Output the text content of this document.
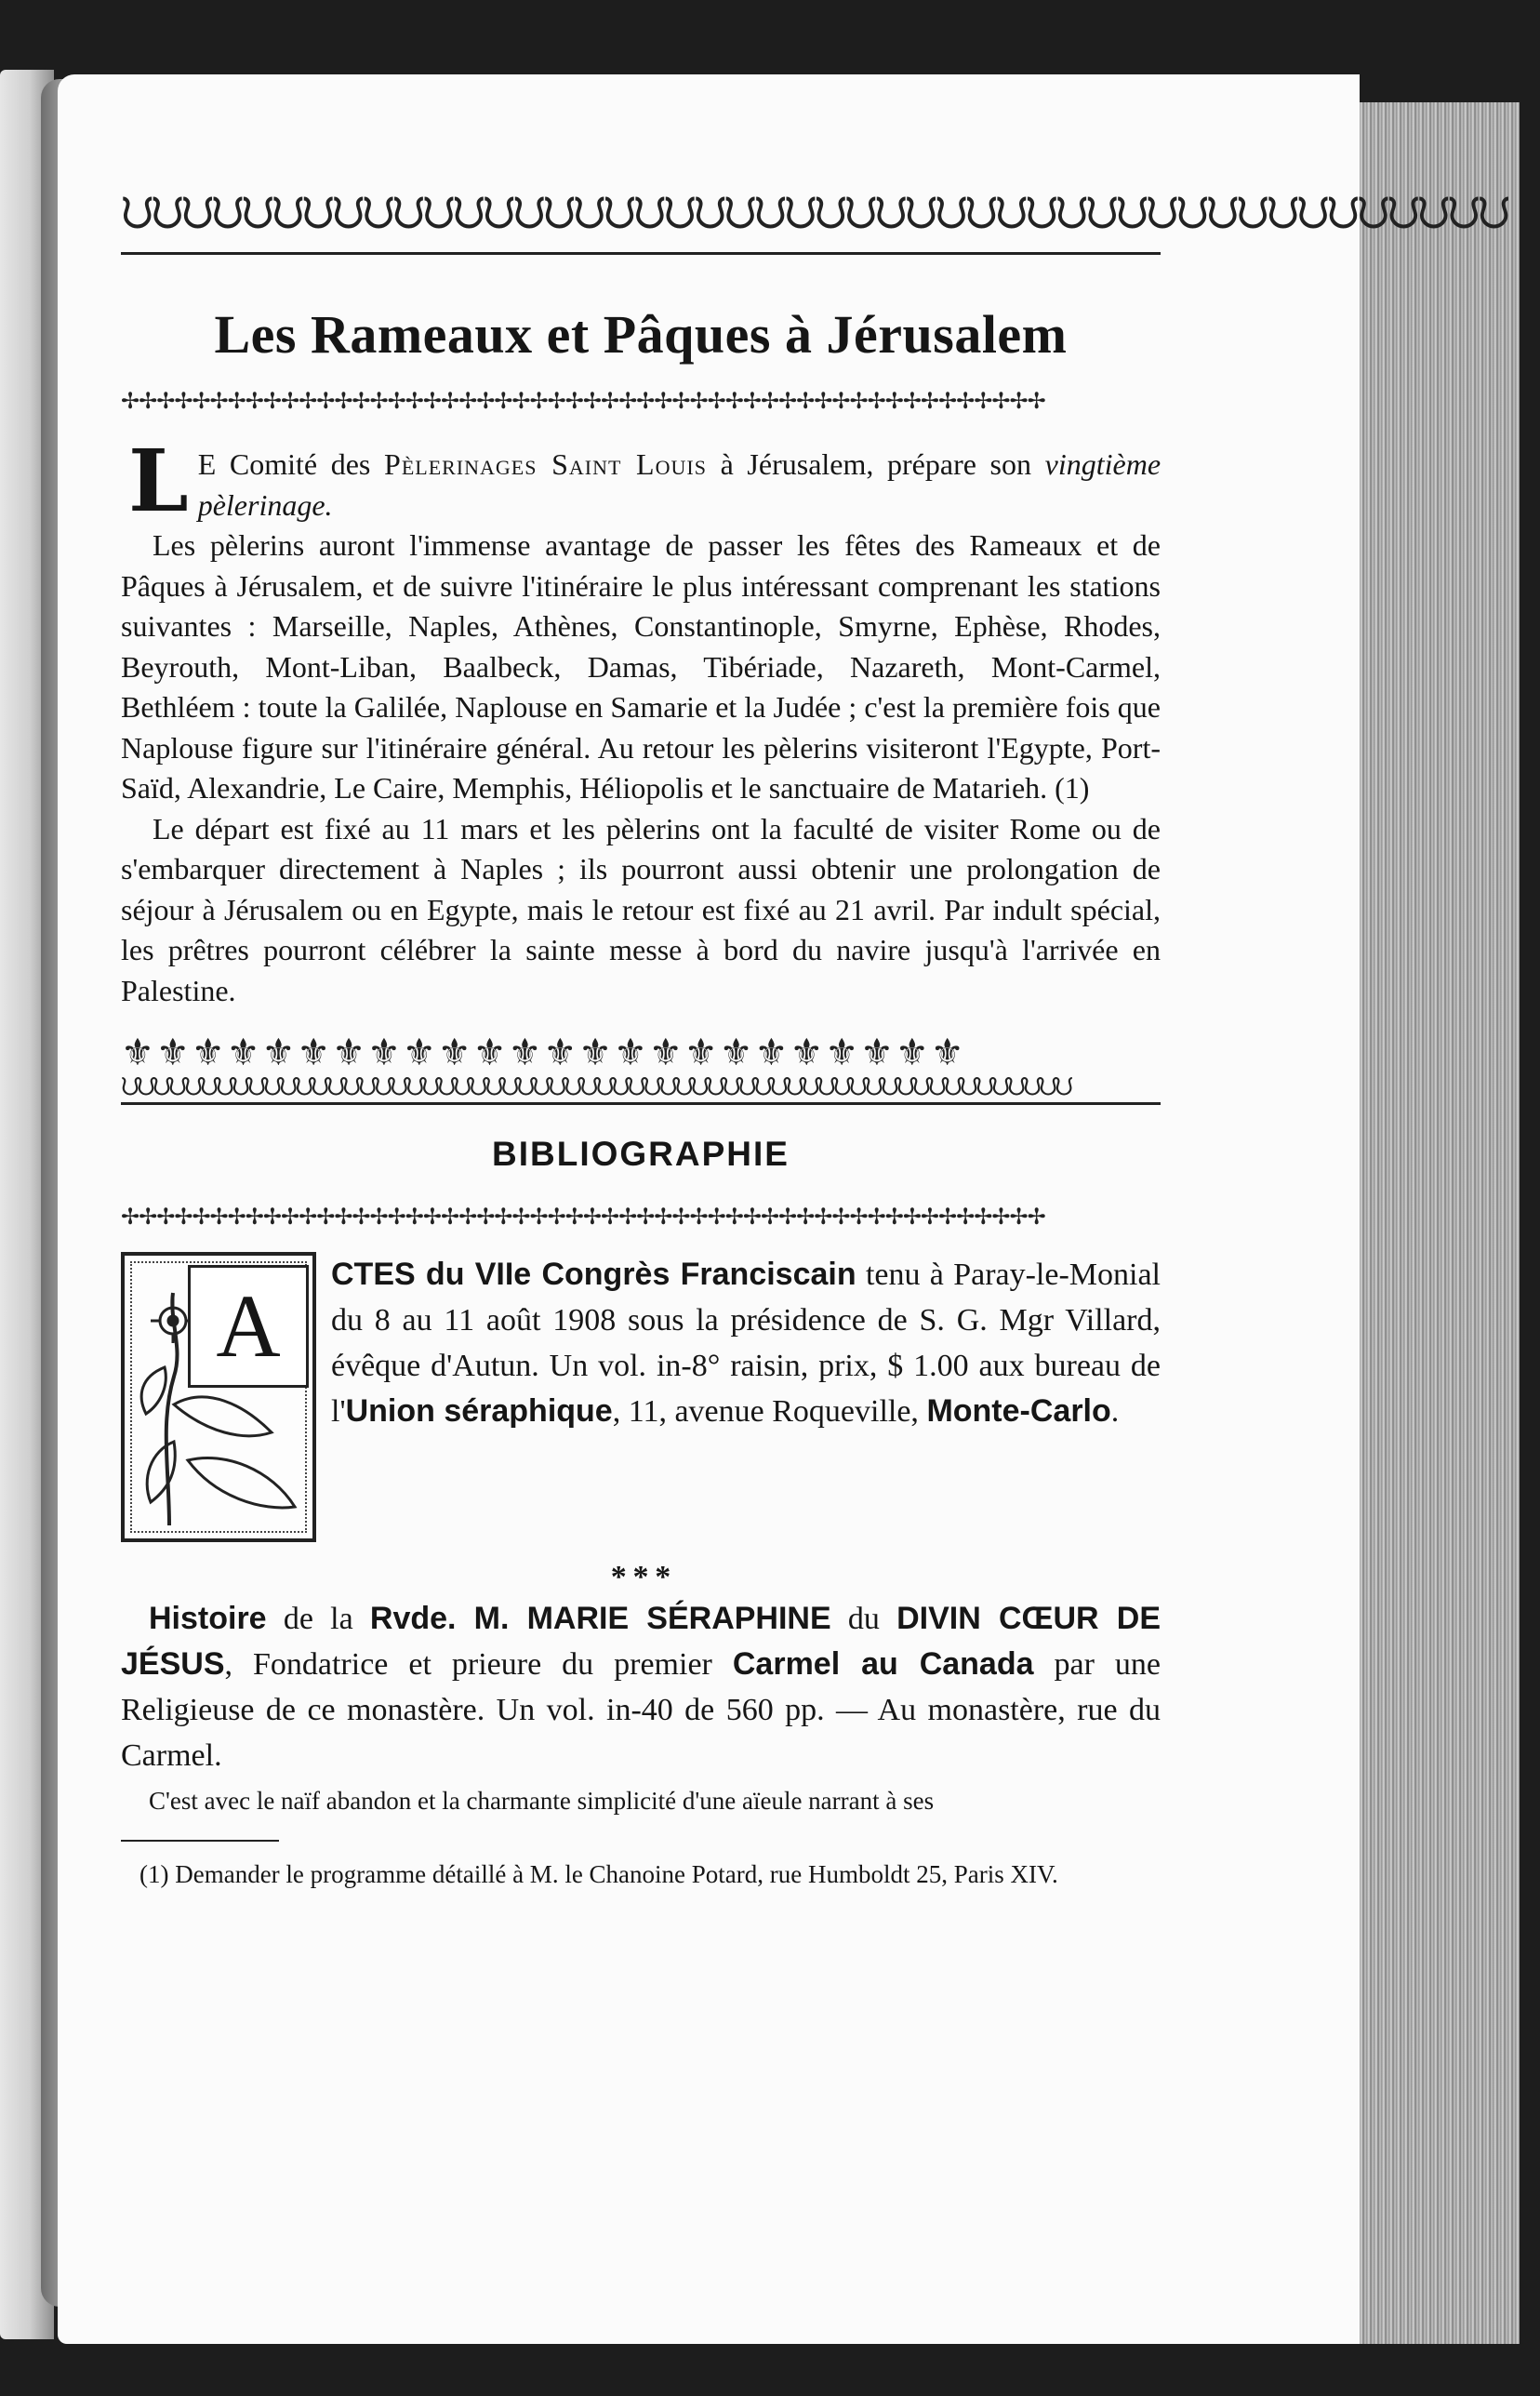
ᙀᙀᙀᙀᙀᙀᙀᙀᙀᙀᙀᙀᙀᙀᙀᙀᙀᙀᙀᙀᙀᙀᙀᙀᙀᙀᙀᙀᙀᙀᙀᙀᙀᙀᙀᙀᙀᙀᙀᙀᙀᙀᙀᙀᙀᙀ
Les Rameaux et Pâques à Jérusalem
✢✢✢✢✢✢✢✢✢✢✢✢✢✢✢✢✢✢✢✢✢✢✢✢✢✢✢✢✢✢✢✢✢✢✢✢✢✢✢✢✢✢✢✢✢✢✢✢✢✢✢✢

L E Comité des Pèlerinages Saint Louis à Jérusalem, prépare son vingtième pèlerinage.

Les pèlerins auront l'immense avantage de passer les fêtes des Rameaux et de Pâques à Jérusalem, et de suivre l'itinéraire le plus intéressant comprenant les stations suivantes : Marseille, Naples, Athènes, Constantinople, Smyrne, Ephèse, Rhodes, Beyrouth, Mont-Liban, Baalbeck, Damas, Tibériade, Nazareth, Mont-Carmel, Bethléem : toute la Galilée, Naplouse en Samarie et la Judée ; c'est la première fois que Naplouse figure sur l'itinéraire général. Au retour les pèlerins visiteront l'Egypte, Port-Saïd, Alexandrie, Le Caire, Memphis, Héliopolis et le sanctuaire de Matarieh. (1)

Le départ est fixé au 11 mars et les pèlerins ont la faculté de visiter Rome ou de s'embarquer directement à Naples ; ils pourront aussi obtenir une prolongation de séjour à Jérusalem ou en Egypte, mais le retour est fixé au 21 avril. Par indult spécial, les prêtres pourront célébrer la sainte messe à bord du navire jusqu'à l'arrivée en Palestine.

⚜⚜⚜⚜⚜⚜⚜⚜⚜⚜⚜⚜⚜⚜⚜⚜⚜⚜⚜⚜⚜⚜⚜⚜
ᙀᙀᙀᙀᙀᙀᙀᙀᙀᙀᙀᙀᙀᙀᙀᙀᙀᙀᙀᙀᙀᙀᙀᙀᙀᙀᙀᙀᙀᙀᙀᙀᙀᙀᙀᙀᙀᙀᙀᙀᙀᙀᙀᙀᙀᙀᙀᙀᙀᙀᙀᙀᙀᙀᙀᙀᙀᙀᙀᙀ
BIBLIOGRAPHIE
✢✢✢✢✢✢✢✢✢✢✢✢✢✢✢✢✢✢✢✢✢✢✢✢✢✢✢✢✢✢✢✢✢✢✢✢✢✢✢✢✢✢✢✢✢✢✢✢✢✢✢✢
A
CTES du VIIe Congrès Franciscain tenu à Paray-le-Monial du 8 au 11 août 1908 sous la présidence de S. G. Mgr Villard, évêque d'Autun. Un vol. in-8° raisin, prix, $ 1.00 aux bureau de l'Union séraphique, 11, avenue Roqueville, Monte-Carlo.
* * *

Histoire de la Rvde. M. MARIE SÉRAPHINE du DIVIN CŒUR DE JÉSUS, Fondatrice et prieure du premier Carmel au Canada par une Religieuse de ce monastère. Un vol. in-40 de 560 pp. — Au monastère, rue du Carmel.

C'est avec le naïf abandon et la charmante simplicité d'une aïeule narrant à ses

(1) Demander le programme détaillé à M. le Chanoine Potard, rue Humboldt 25, Paris XIV.
